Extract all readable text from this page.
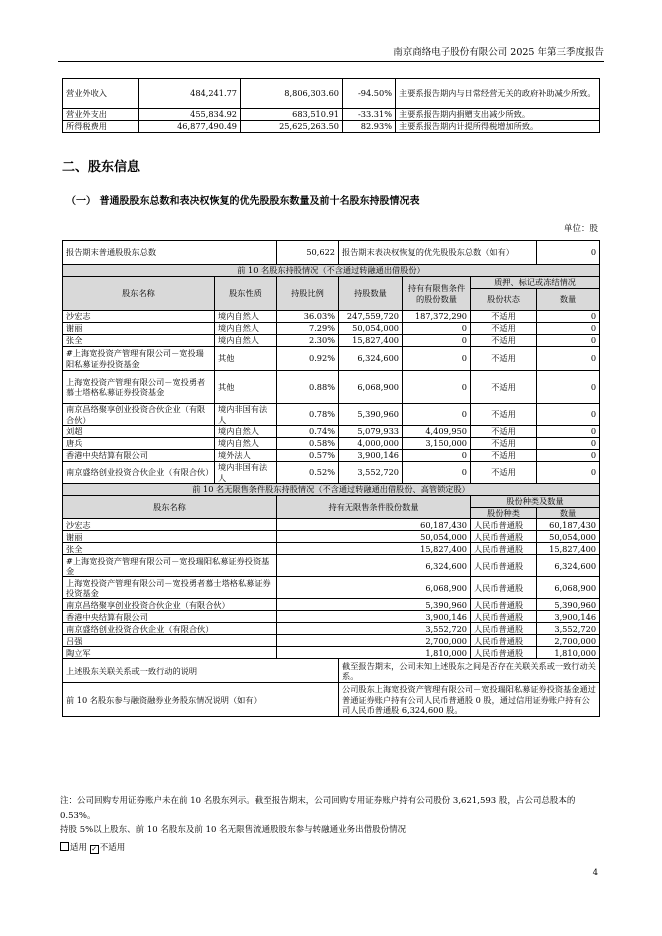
南京商络电子股份有限公司 2025 年第三季度报告
营业外收入	484,241.77	8,806,303.60	-94.50%	主要系报告期内与日常经营无关的政府补助减少所致。
营业外支出	455,834.92	683,510.91	-33.31%	主要系报告期内捐赠支出减少所致。
所得税费用	46,877,490.49	25,625,263.50	82.93%	主要系报告期内计提所得税增加所致。
二、股东信息
（一） 普通股股东总数和表决权恢复的优先股股东数量及前十名股东持股情况表
单位：股
报告期末普通股股东总数		50,622	报告期末表决权恢复的优先股股东总数（如有）			0
前 10 名股东持股情况（不含通过转融通出借股份）						
股东名称	股东性质	持股比例	持股数量	持有有限售条件的股份数量	质押、标记或冻结情况	
					股份状态	数量
沙宏志	境内自然人	36.03%	247,559,720	187,372,290	不适用	0
谢丽	境内自然人	7.29%	50,054,000	0	不适用	0
张全	境内自然人	2.30%	15,827,400	0	不适用	0
#上海宽投资产管理有限公司－宽投瑞阳私募证券投资基金	其他	0.92%	6,324,600	0	不适用	0
上海宽投资产管理有限公司－宽投勇者慕士塔格私募证券投资基金	其他	0.88%	6,068,900	0	不适用	0
南京昌络聚享创业投资合伙企业（有限合伙）	境内非国有法人	0.78%	5,390,960	0	不适用	0
刘超	境内自然人	0.74%	5,079,933	4,409,950	不适用	0
唐兵	境内自然人	0.58%	4,000,000	3,150,000	不适用	0
香港中央结算有限公司	境外法人	0.57%	3,900,146	0	不适用	0
南京盛络创业投资合伙企业（有限合伙）	境内非国有法人	0.52%	3,552,720	0	不适用	0
前 10 名无限售条件股东持股情况（不含通过转融通出借股份、高管锁定股）						
股东名称		持有无限售条件股份数量			股份种类及数量	
					股份种类	数量
沙宏志		60,187,430			人民币普通股	60,187,430
谢丽		50,054,000			人民币普通股	50,054,000
张全		15,827,400			人民币普通股	15,827,400
#上海宽投资产管理有限公司－宽投瑞阳私募证券投资基金		6,324,600			人民币普通股	6,324,600
上海宽投资产管理有限公司－宽投勇者慕士塔格私募证券投资基金		6,068,900			人民币普通股	6,068,900
南京昌络聚享创业投资合伙企业（有限合伙）		5,390,960			人民币普通股	5,390,960
香港中央结算有限公司		3,900,146			人民币普通股	3,900,146
南京盛络创业投资合伙企业（有限合伙）		3,552,720			人民币普通股	3,552,720
吕强		2,700,000			人民币普通股	2,700,000
陶立军		1,810,000			人民币普通股	1,810,000
上述股东关联关系或一致行动的说明			截至报告期末，公司未知上述股东之间是否存在关联关系或一致行动关系。			
前 10 名股东参与融资融券业务股东情况说明（如有）			公司股东上海宽投资产管理有限公司－宽投瑞阳私募证券投资基金通过普通证券账户持有公司人民币普通股 0 股，通过信用证券账户持有公司人民币普通股 6,324,600 股。			
注：公司回购专用证券账户未在前 10 名股东列示。截至报告期末，公司回购专用证券账户持有公司股份 3,621,593 股，占公司总股本的 0.53%。
持股 5%以上股东、前 10 名股东及前 10 名无限售流通股股东参与转融通业务出借股份情况
适用 ✓ 不适用
4
